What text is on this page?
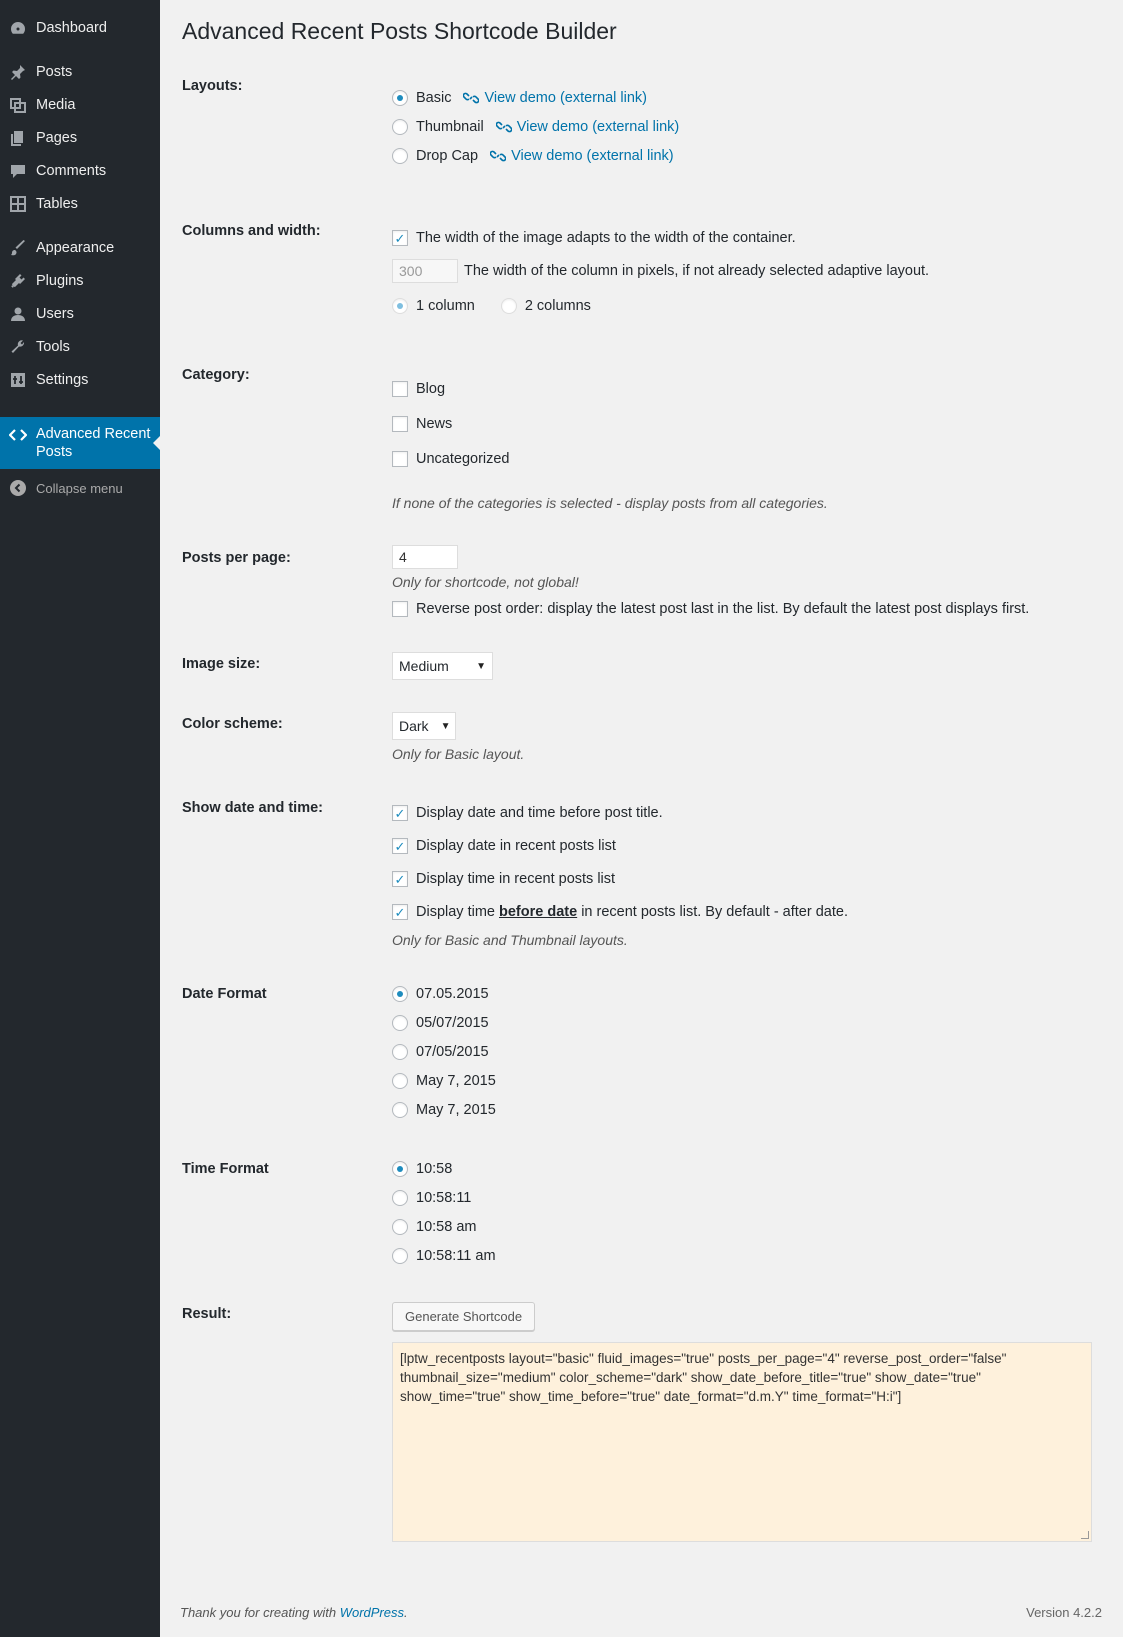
Dashboard
Posts
Media
Pages
Comments
Tables
Appearance
Plugins
Users
Tools
Settings
Advanced Recent
Posts
Collapse menu
Advanced Recent Posts Shortcode Builder
Layouts:
Basic View demo (external link)
Thumbnail View demo (external link)
Drop Cap View demo (external link)
Columns and width:	✓ The width of the image adapts to the width of the container.
300
The width of the column in pixels, if not already selected adaptive layout.
1 column	2 columns
Category:
Blog
News
Uncategorized
If none of the categories is selected - display posts from all categories.
Posts per page:
4
Only for shortcode, not global!
Reverse post order: display the latest post last in the list. By default the latest post displays first.
Image size:	Medium	▼
Color scheme:	Dark ▼
Only for Basic layout.
Show date and time:	✓ Display date and time before post title.
✓ Display date in recent posts list
✓ Display time in recent posts list
✓ Display time before date in recent posts list. By default - after date.
Only for Basic and Thumbnail layouts.
Date Format	07.05.2015
05/07/2015
07/05/2015
May 7, 2015
May 7, 2015
Time Format	10:58
10:58:11
10:58 am
10:58:11 am
Result:	Generate Shortcode
[lptw_recentposts layout="basic" fluid_images="true" posts_per_page="4" reverse_post_order="false" thumbnail_size="medium" color_scheme="dark" show_date_before_title="true" show_date="true" show_time="true" show_time_before="true" date_format="d.m.Y" time_format="H:i"]
Thank you for creating with WordPress.	Version 4.2.2
